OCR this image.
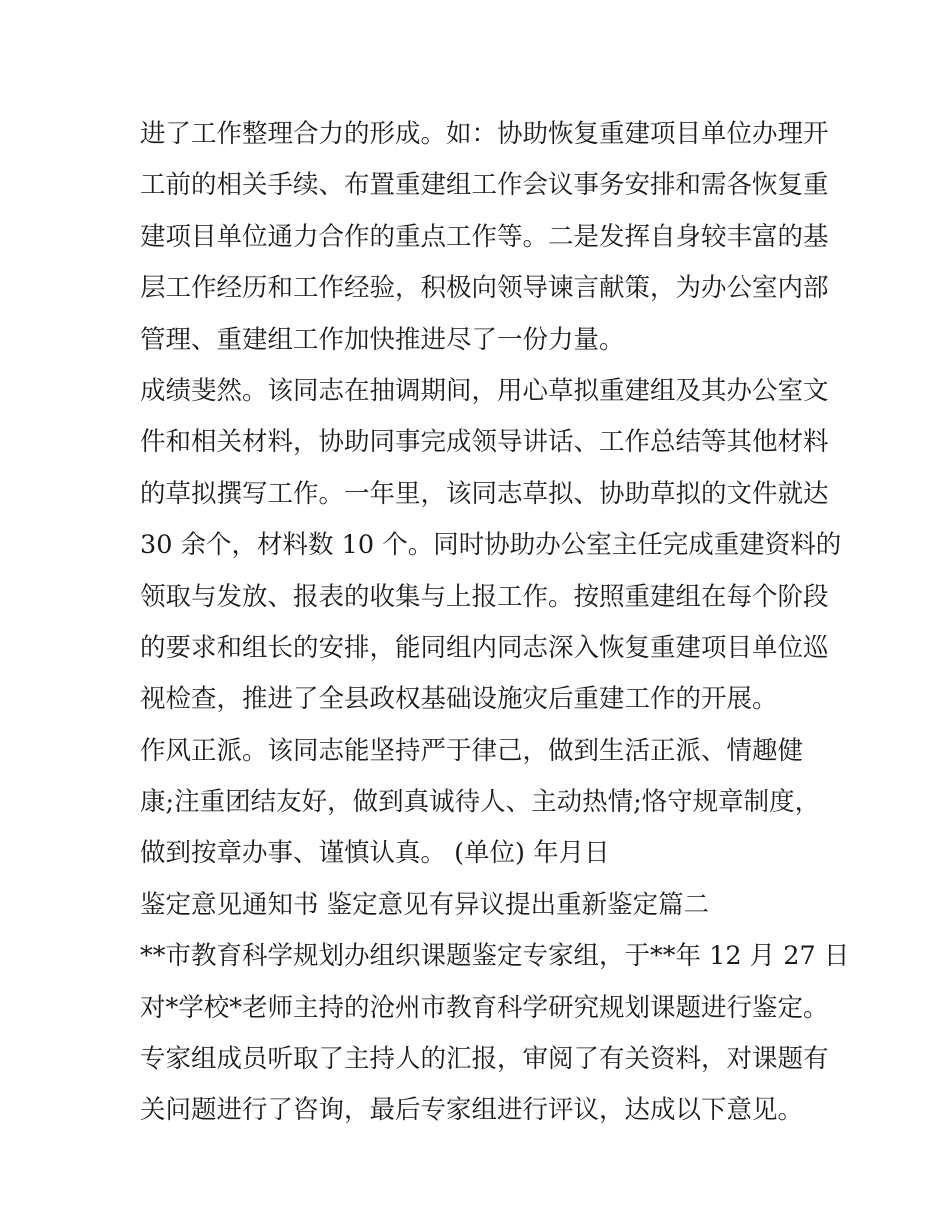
进了工作整理合力的形成。如：协助恢复重建项目单位办理开
工前的相关手续、布置重建组工作会议事务安排和需各恢复重
建项目单位通力合作的重点工作等。二是发挥自身较丰富的基
层工作经历和工作经验，积极向领导谏言献策，为办公室内部
管理、重建组工作加快推进尽了一份力量。
成绩斐然。该同志在抽调期间，用心草拟重建组及其办公室文
件和相关材料，协助同事完成领导讲话、工作总结等其他材料
的草拟撰写工作。一年里，该同志草拟、协助草拟的文件就达
30 余个，材料数 10 个。同时协助办公室主任完成重建资料的
领取与发放、报表的收集与上报工作。按照重建组在每个阶段
的要求和组长的安排，能同组内同志深入恢复重建项目单位巡
视检查，推进了全县政权基础设施灾后重建工作的开展。
作风正派。该同志能坚持严于律己，做到生活正派、情趣健
康;注重团结友好，做到真诚待人、主动热情;恪守规章制度，
做到按章办事、谨慎认真。 (单位) 年月日
鉴定意见通知书 鉴定意见有异议提出重新鉴定篇二
**市教育科学规划办组织课题鉴定专家组，于**年 12 月 27 日
对*学校*老师主持的沧州市教育科学研究规划课题进行鉴定。
专家组成员听取了主持人的汇报，审阅了有关资料，对课题有
关问题进行了咨询，最后专家组进行评议，达成以下意见。
